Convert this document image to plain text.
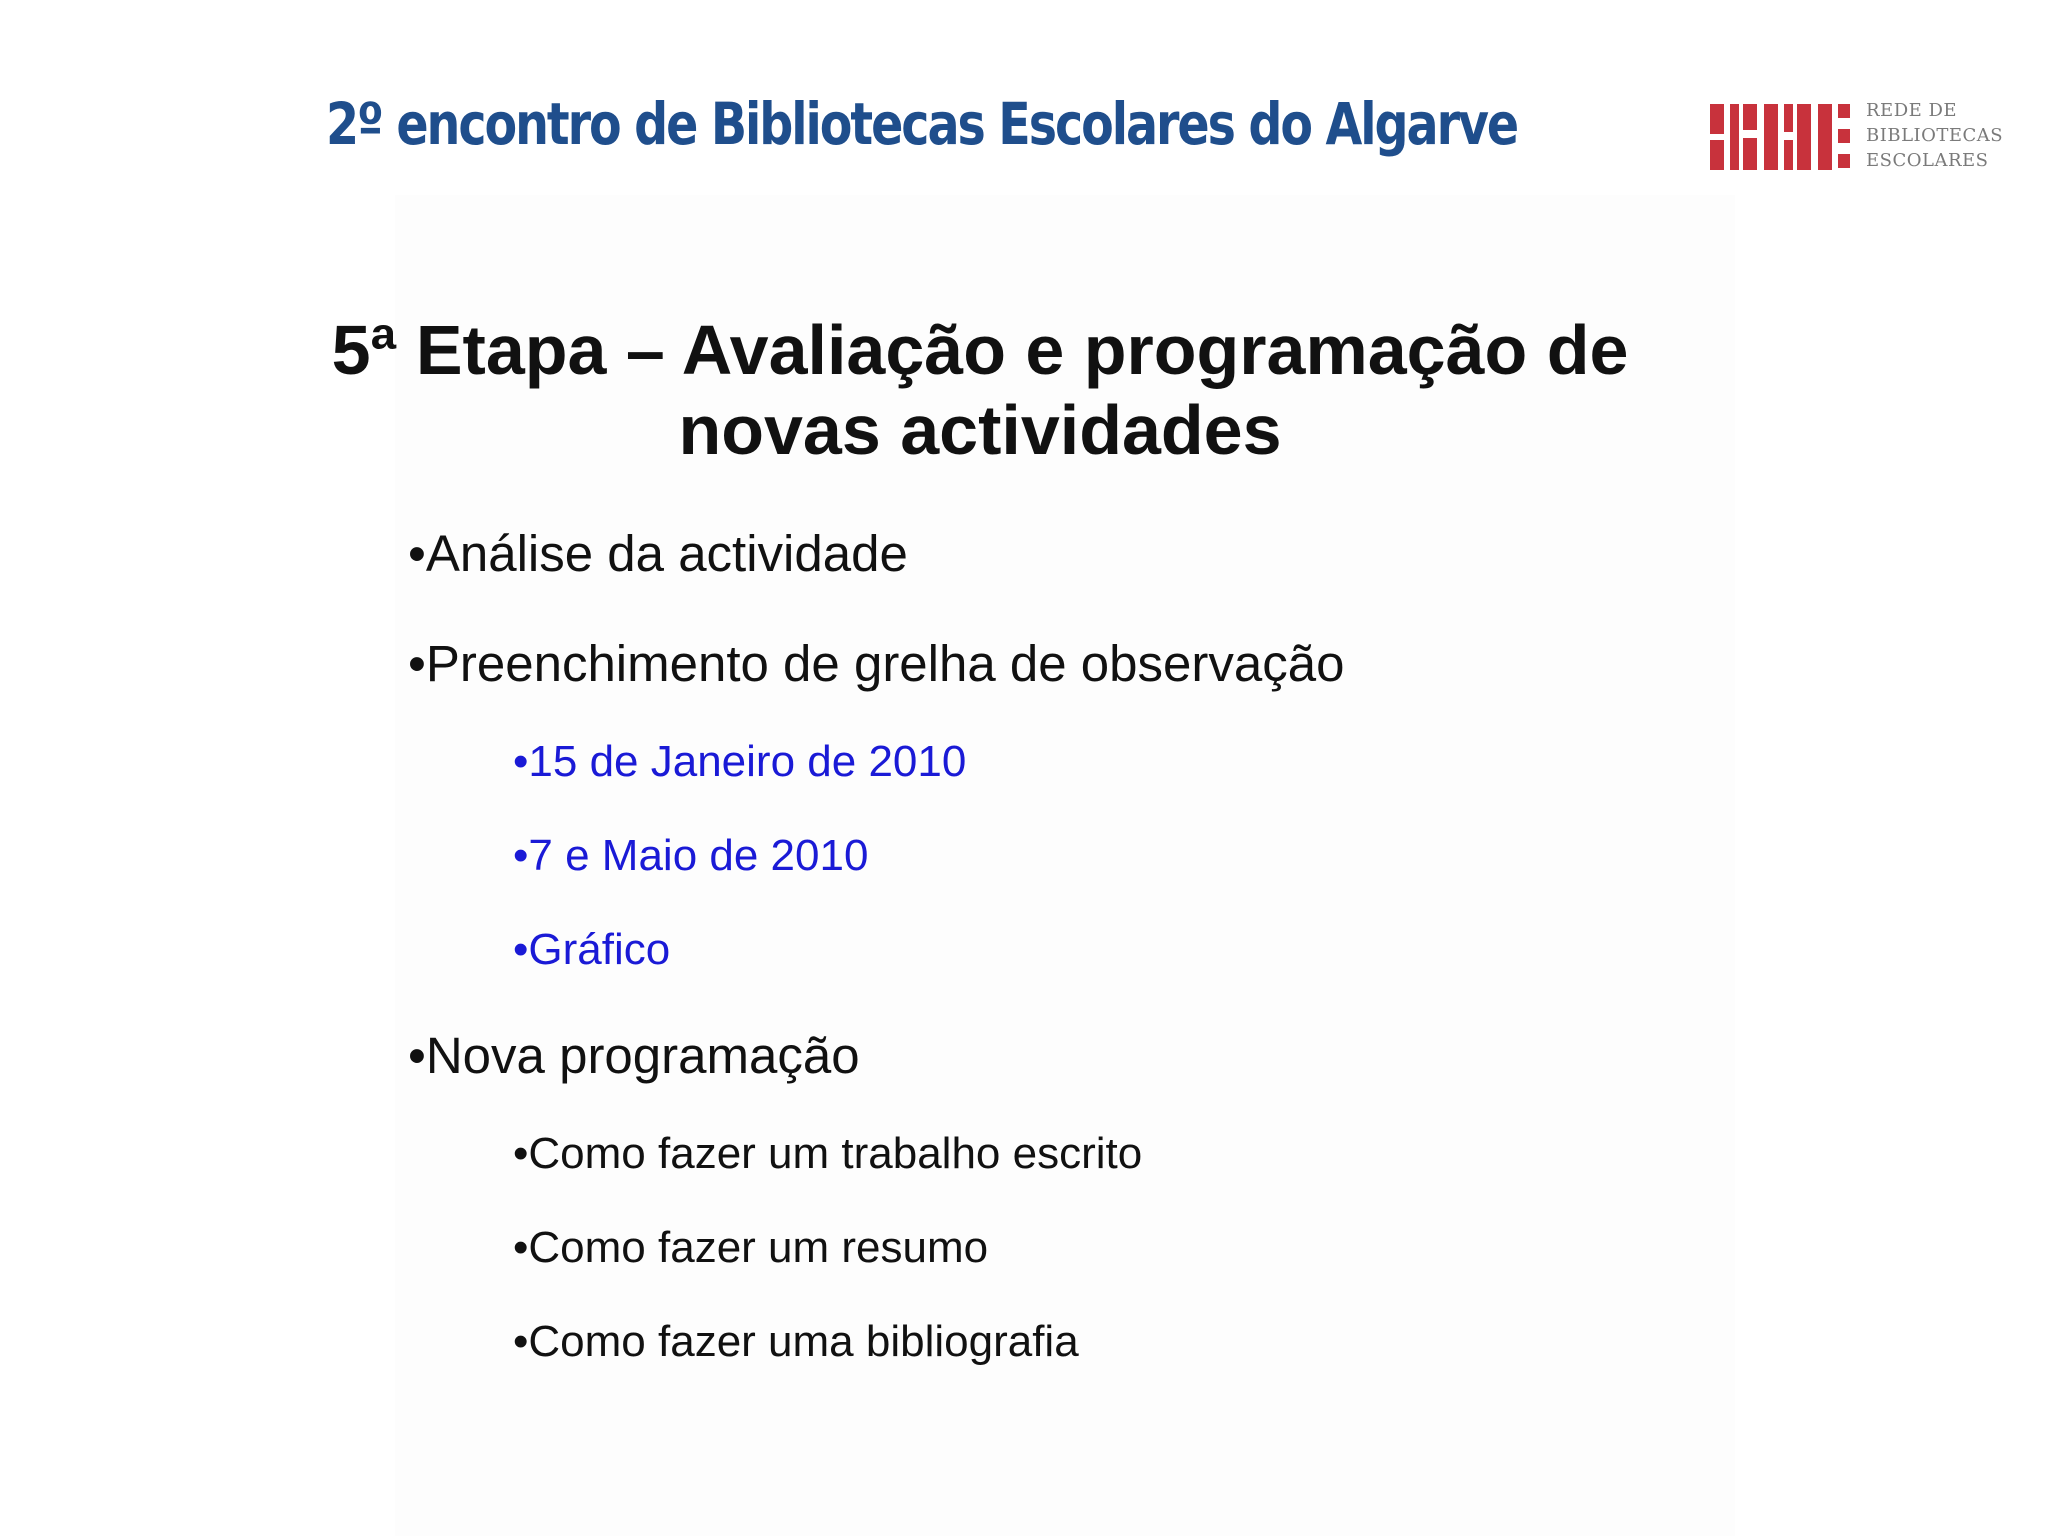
2º encontro de Bibliotecas Escolares do Algarve	REDE DE
BIBLIOTECAS
ESCOLARES
5ª Etapa – Avaliação e programação de
novas actividades
•Análise da actividade
•Preenchimento de grelha de observação
•15 de Janeiro de 2010
•7 e Maio de 2010
•Gráfico
•Nova programação
•Como fazer um trabalho escrito
•Como fazer um resumo
•Como fazer uma bibliografia
